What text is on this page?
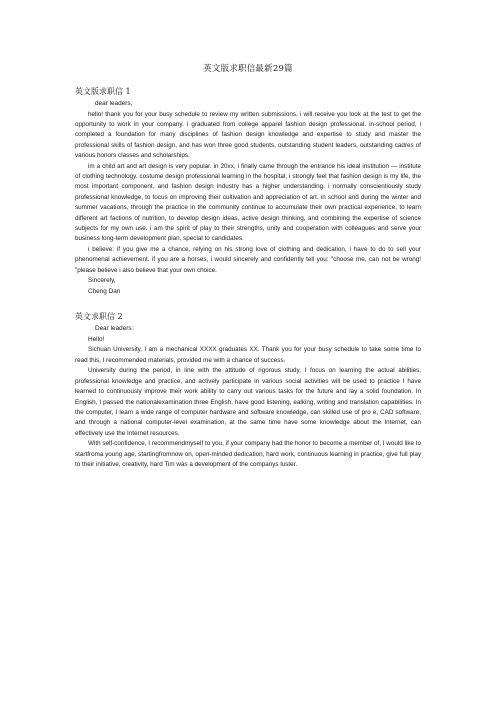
英文版求职信最新29篇
英文版求职信 1

dear leaders,

hello! thank you for your busy schedule to review my written submissions, i will receive you look at the test to get the opportunity to work in your company. i graduated from college apparel fashion design professional. in-school period, i completed a foundation for many disciplines of fashion design knowledge and expertise to study and master the professional skills of fashion design, and has won three good students, outstanding student leaders, outstanding cadres of various honors classes and scholarships.

im a child art and art design is very popular. in 20xx, i finally came through the entrance his ideal institution — institute of clothing technology. costume design professional learning in the hospital, i strongly feel that fashion design is my life, the most important component, and fashion design industry has a higher understanding. i normally conscientiously study professional knowledge, to focus on improving their cultivation and appreciation of art. in school and during the winter and summer vacations, through the practice in the community continue to accumulate their own practical experience, to learn different art factions of nutrition, to develop design ideas, active design thinking, and combining the expertise of science subjects for my own use. i am the spirit of play to their strengths, unity and cooperation with colleagues and serve your business long-term development plan, special to candidates.

i believe: if you give me a chance, relying on his strong love of clothing and dedication, i have to do to sell your phenomenal achievement. if you are a horses, i would sincerely and confidently tell you: "choose me, can not be wrong! "please believe i also believe that your own choice.

Sincerely,

Cheng Dan

英文求职信 2

Dear leaders：

Hello!

Sichuan University, I am a mechanical XXXX graduates XX. Thank you for your busy schedule to take some time to read this, I recommended materials, provided me with a chance of success.

University during the period, in line with the attitude of rigorous study, I focus on learning the actual abilities, professional knowledge and practice, and actively participate in various social activities will be used to practice I have learned to continuously improve their work ability to carry out various tasks for the future and lay a solid foundation. In English, I passed the nationalexamination three English, have good listening, ealking, writing and translation capabilities. In the computer, I learn a wide range of computer hardware and software knowledge, can skilled use of pro e, CAD software, and through a national computer-level examination, at the same time have some knowledge about the Internet, can effectively use the Internet resources.

With self-confidence, I recommendmyself to you, if your company had the honor to become a member of, I would like to startfroma young age, startingfromnow on, open-minded dedication, hard work, continuous learning in practice, give full play to their initiative, creativity, hard Tim was a development of the companys luster.
